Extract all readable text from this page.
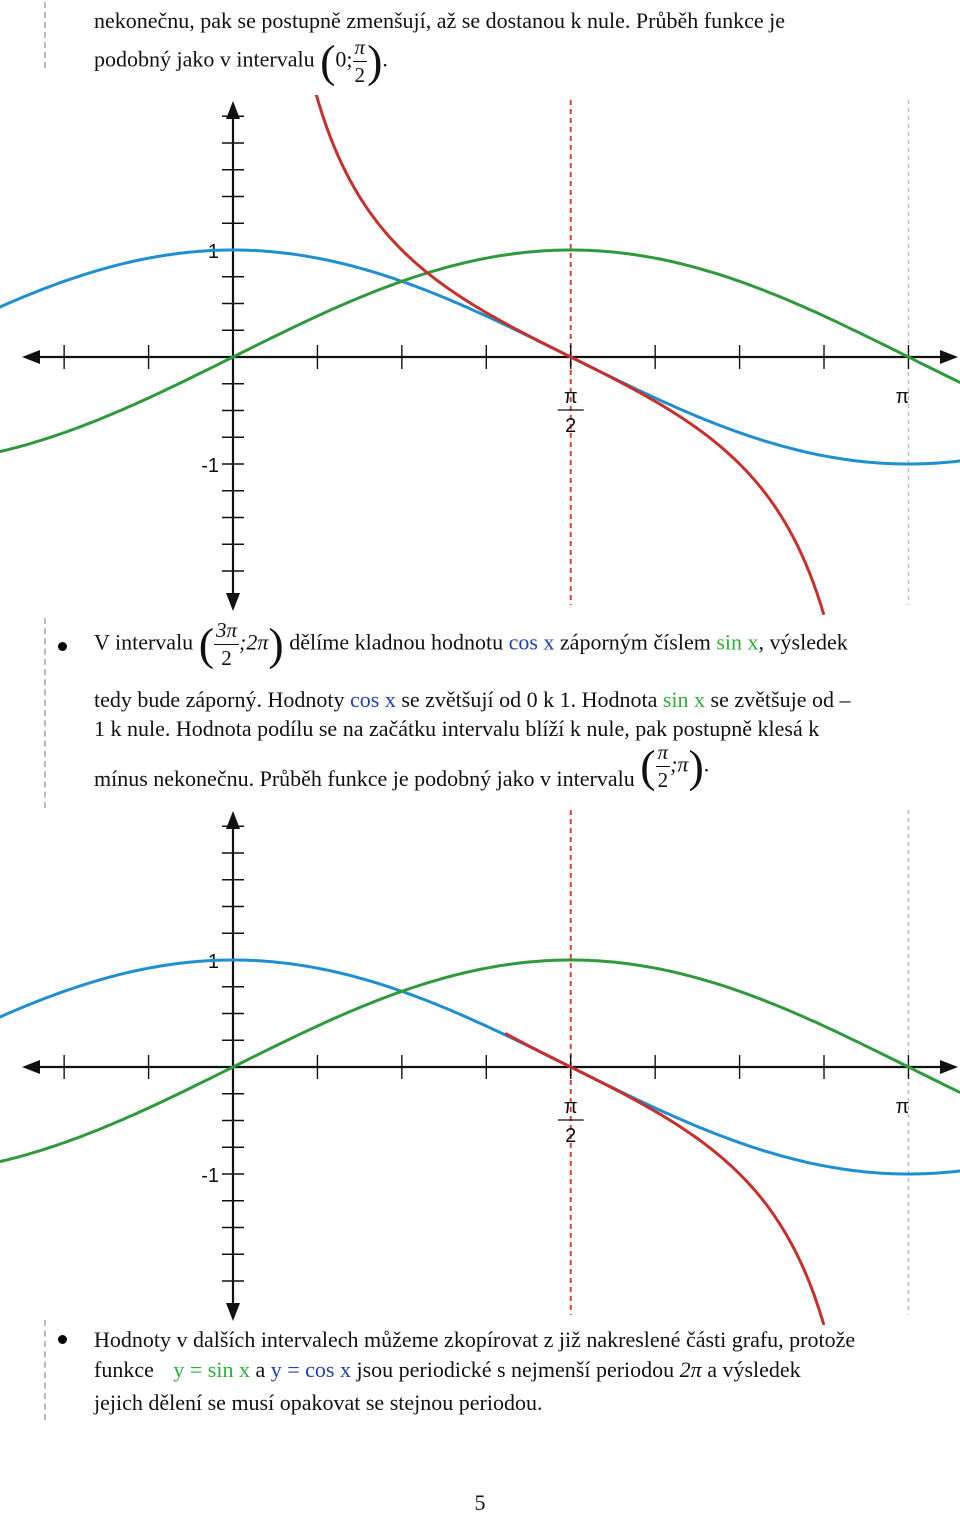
nekonečnu, pak se postupně zmenšují, až se dostanou k nule. Průběh funkce je
podobný jako v intervalu (0; $\frac{\pi}{2}$ ).
1
-1
π
2
π
V intervalu ( $\frac{3\pi}{2}$ ;2π) dělíme kladnou hodnotu cos x záporným číslem sin x, výsledek
tedy bude záporný. Hodnoty cos x se zvětšují od 0 k 1. Hodnota sin x se zvětšuje od –
1 k nule. Hodnota podílu se na začátku intervalu blíží k nule, pak postupně klesá k
mínus nekonečnu. Průběh funkce je podobný jako v intervalu ( $\frac{\pi}{2}$ ;π).
1
-1
π
2
π
Hodnoty v dalších intervalech můžeme zkopírovat z již nakreslené části grafu, protože
funkce y = sin x a y = cos x jsou periodické s nejmenší periodou 2π a výsledek
jejich dělení se musí opakovat se stejnou periodou.
5
